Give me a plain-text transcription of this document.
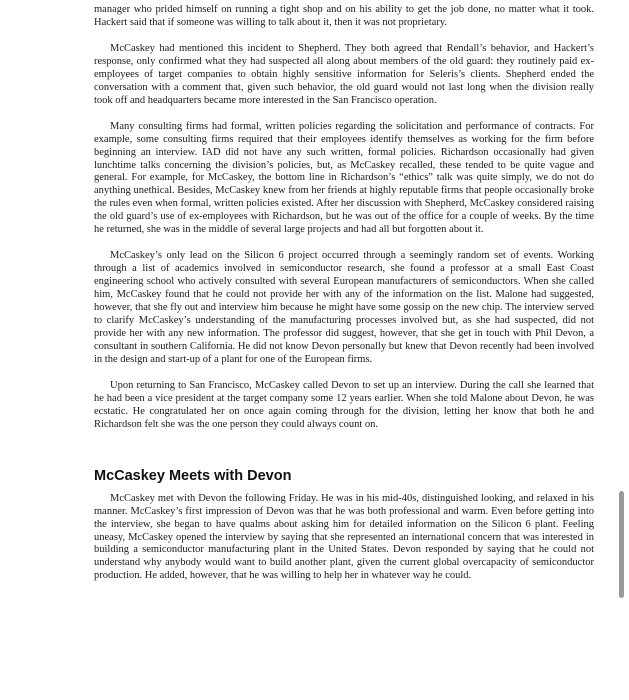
manager who prided himself on running a tight shop and on his ability to get the job done, no matter what it took. Hackert said that if someone was willing to talk about it, then it was not proprietary.

McCaskey had mentioned this incident to Shepherd. They both agreed that Rendall’s behavior, and Hackert’s response, only confirmed what they had suspected all along about members of the old guard: they routinely paid ex-employees of target companies to obtain highly sensitive information for Seleris’s clients. Shepherd ended the conversation with a comment that, given such behavior, the old guard would not last long when the division really took off and headquarters became more interested in the San Francisco operation.

Many consulting firms had formal, written policies regarding the solicitation and performance of contracts. For example, some consulting firms required that their employees identify themselves as working for the firm before beginning an interview. IAD did not have any such written, formal policies. Richardson occasionally had given lunchtime talks concerning the division’s policies, but, as McCaskey recalled, these tended to be quite vague and general. For example, for McCaskey, the bottom line in Richardson’s “ethics” talk was quite simply, we do not do anything unethical. Besides, McCaskey knew from her friends at highly reputable firms that people occasionally broke the rules even when formal, written policies existed. After her discussion with Shepherd, McCaskey considered raising the old guard’s use of ex-employees with Richardson, but he was out of the office for a couple of weeks. By the time he returned, she was in the middle of several large projects and had all but forgotten about it.

McCaskey’s only lead on the Silicon 6 project occurred through a seemingly random set of events. Working through a list of academics involved in semiconductor research, she found a professor at a small East Coast engineering school who actively consulted with several European manufacturers of semiconductors. When she called him, McCaskey found that he could not provide her with any of the information on the list. Malone had suggested, however, that she fly out and interview him because he might have some gossip on the new chip. The interview served to clarify McCaskey’s understanding of the manufacturing processes involved but, as she had suspected, did not provide her with any new information. The professor did suggest, however, that she get in touch with Phil Devon, a consultant in southern California. He did not know Devon personally but knew that Devon recently had been involved in the design and start-up of a plant for one of the European firms.

Upon returning to San Francisco, McCaskey called Devon to set up an interview. During the call she learned that he had been a vice president at the target company some 12 years earlier. When she told Malone about Devon, he was ecstatic. He congratulated her on once again coming through for the division, letting her know that both he and Richardson felt she was the one person they could always count on.

McCaskey Meets with Devon

McCaskey met with Devon the following Friday. He was in his mid-40s, distinguished looking, and relaxed in his manner. McCaskey’s first impression of Devon was that he was both professional and warm. Even before getting into the interview, she began to have qualms about asking him for detailed information on the Silicon 6 plant. Feeling uneasy, McCaskey opened the interview by saying that she represented an international concern that was interested in building a semiconductor manufacturing plant in the United States. Devon responded by saying that he could not understand why anybody would want to build another plant, given the current global overcapacity of semiconductor production. He added, however, that he was willing to help her in whatever way he could.
